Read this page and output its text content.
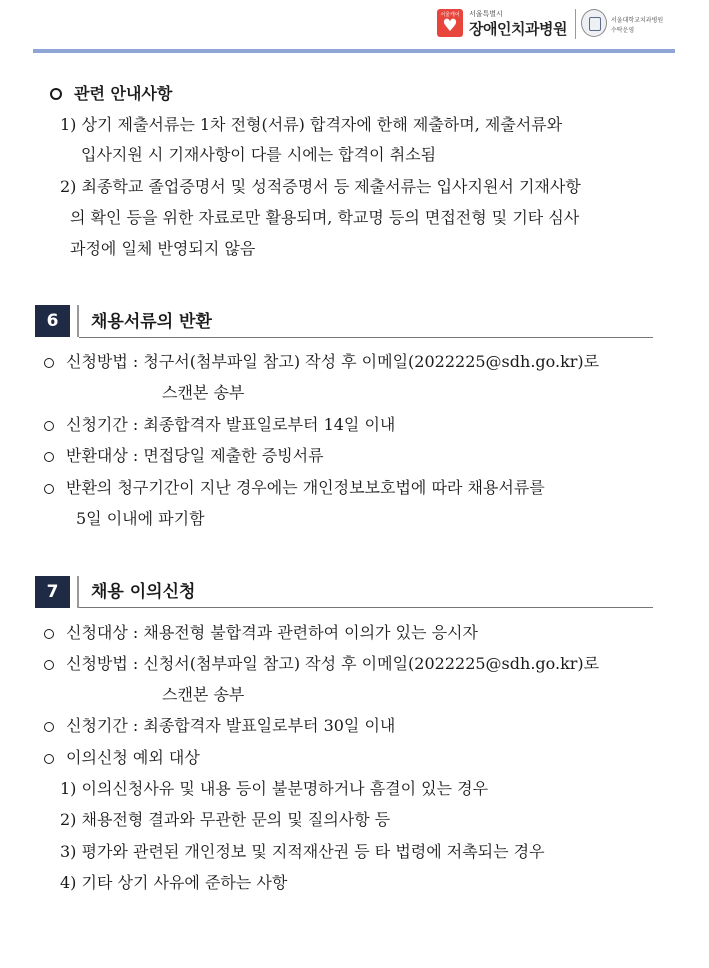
서울케어
♥
서울특별시
장애인치과병원	서울대학교치과병원
수탁운영
관련 안내사항
1) 상기 제출서류는 1차 전형(서류) 합격자에 한해 제출하며, 제출서류와
입사지원 시 기재사항이 다를 시에는 합격이 취소됨
2) 최종학교 졸업증명서 및 성적증명서 등 제출서류는 입사지원서 기재사항
의 확인 등을 위한 자료로만 활용되며, 학교명 등의 면접전형 및 기타 심사
과정에 일체 반영되지 않음
6	채용서류의 반환
신청방법 : 청구서(첨부파일 참고) 작성 후 이메일(2022225@sdh.go.kr)로
스캔본 송부
신청기간 : 최종합격자 발표일로부터 14일 이내
반환대상 : 면접당일 제출한 증빙서류
반환의 청구기간이 지난 경우에는 개인정보보호법에 따라 채용서류를
5일 이내에 파기함
7	채용 이의신청
신청대상 : 채용전형 불합격과 관련하여 이의가 있는 응시자
신청방법 : 신청서(첨부파일 참고) 작성 후 이메일(2022225@sdh.go.kr)로
스캔본 송부
신청기간 : 최종합격자 발표일로부터 30일 이내
이의신청 예외 대상
1) 이의신청사유 및 내용 등이 불분명하거나 흠결이 있는 경우
2) 채용전형 결과와 무관한 문의 및 질의사항 등
3) 평가와 관련된 개인정보 및 지적재산권 등 타 법령에 저촉되는 경우
4) 기타 상기 사유에 준하는 사항
